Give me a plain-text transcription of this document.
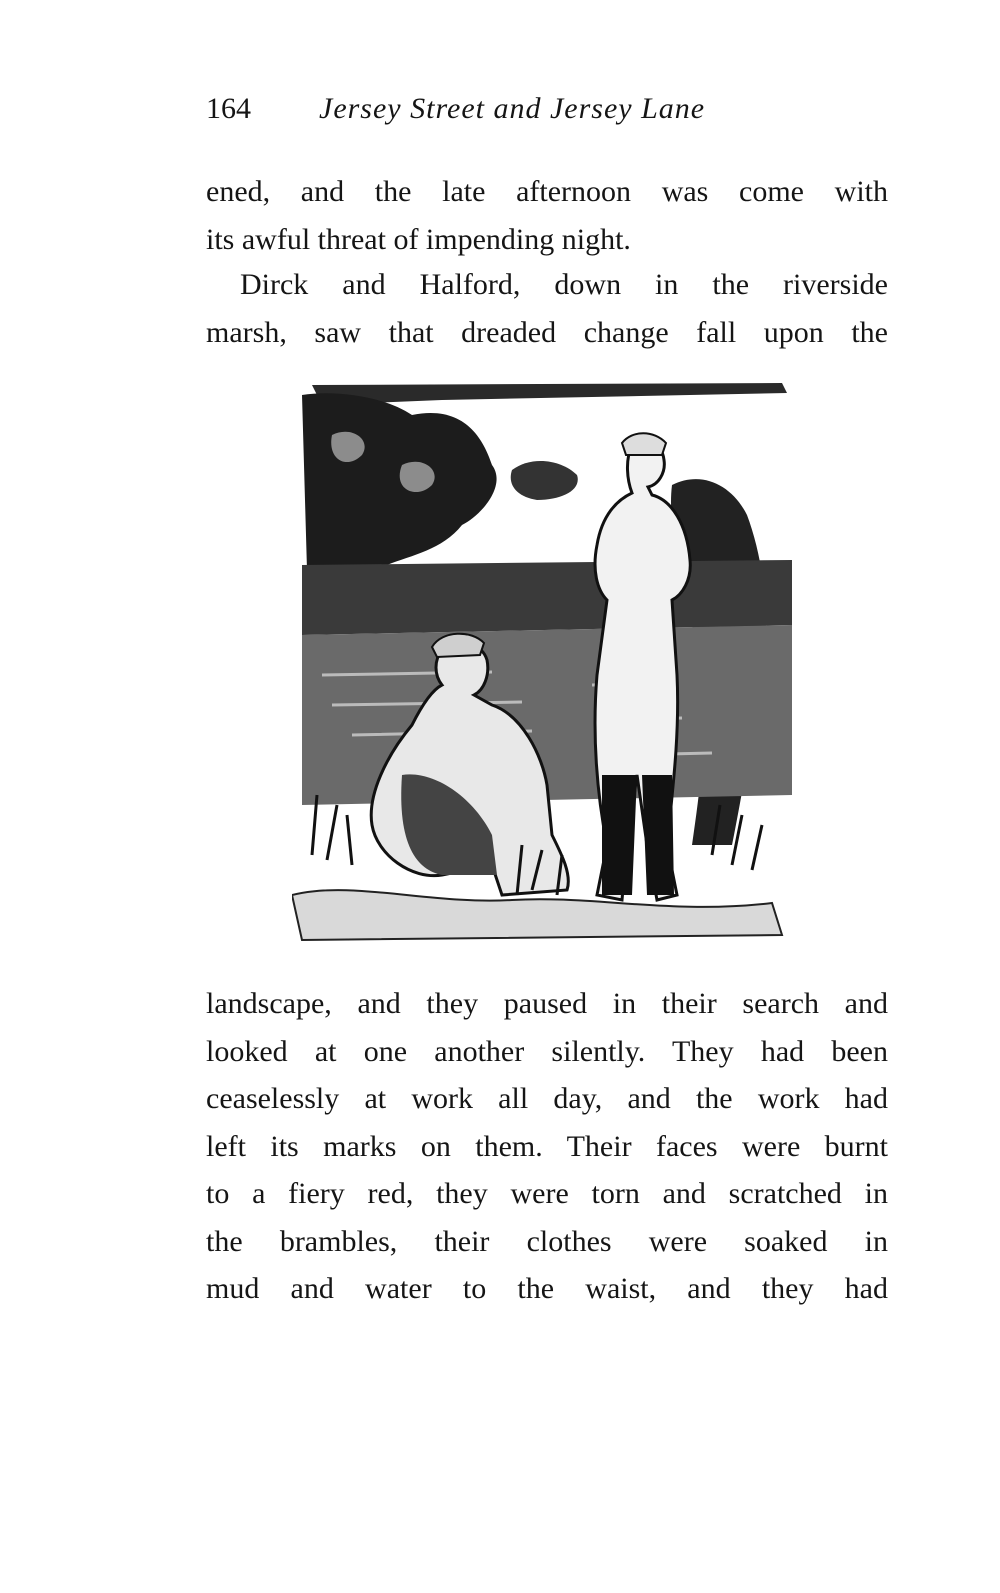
164 Jersey Street and Jersey Lane
ened, and the late afternoon was come with
its awful threat of impending night.
Dirck and Halford, down in the riverside
marsh, saw that dreaded change fall upon the
landscape, and they paused in their search and
looked at one another silently. They had been
ceaselessly at work all day, and the work had
left its marks on them. Their faces were burnt
to a fiery red, they were torn and scratched in
the brambles, their clothes were soaked in
mud and water to the waist, and they had
